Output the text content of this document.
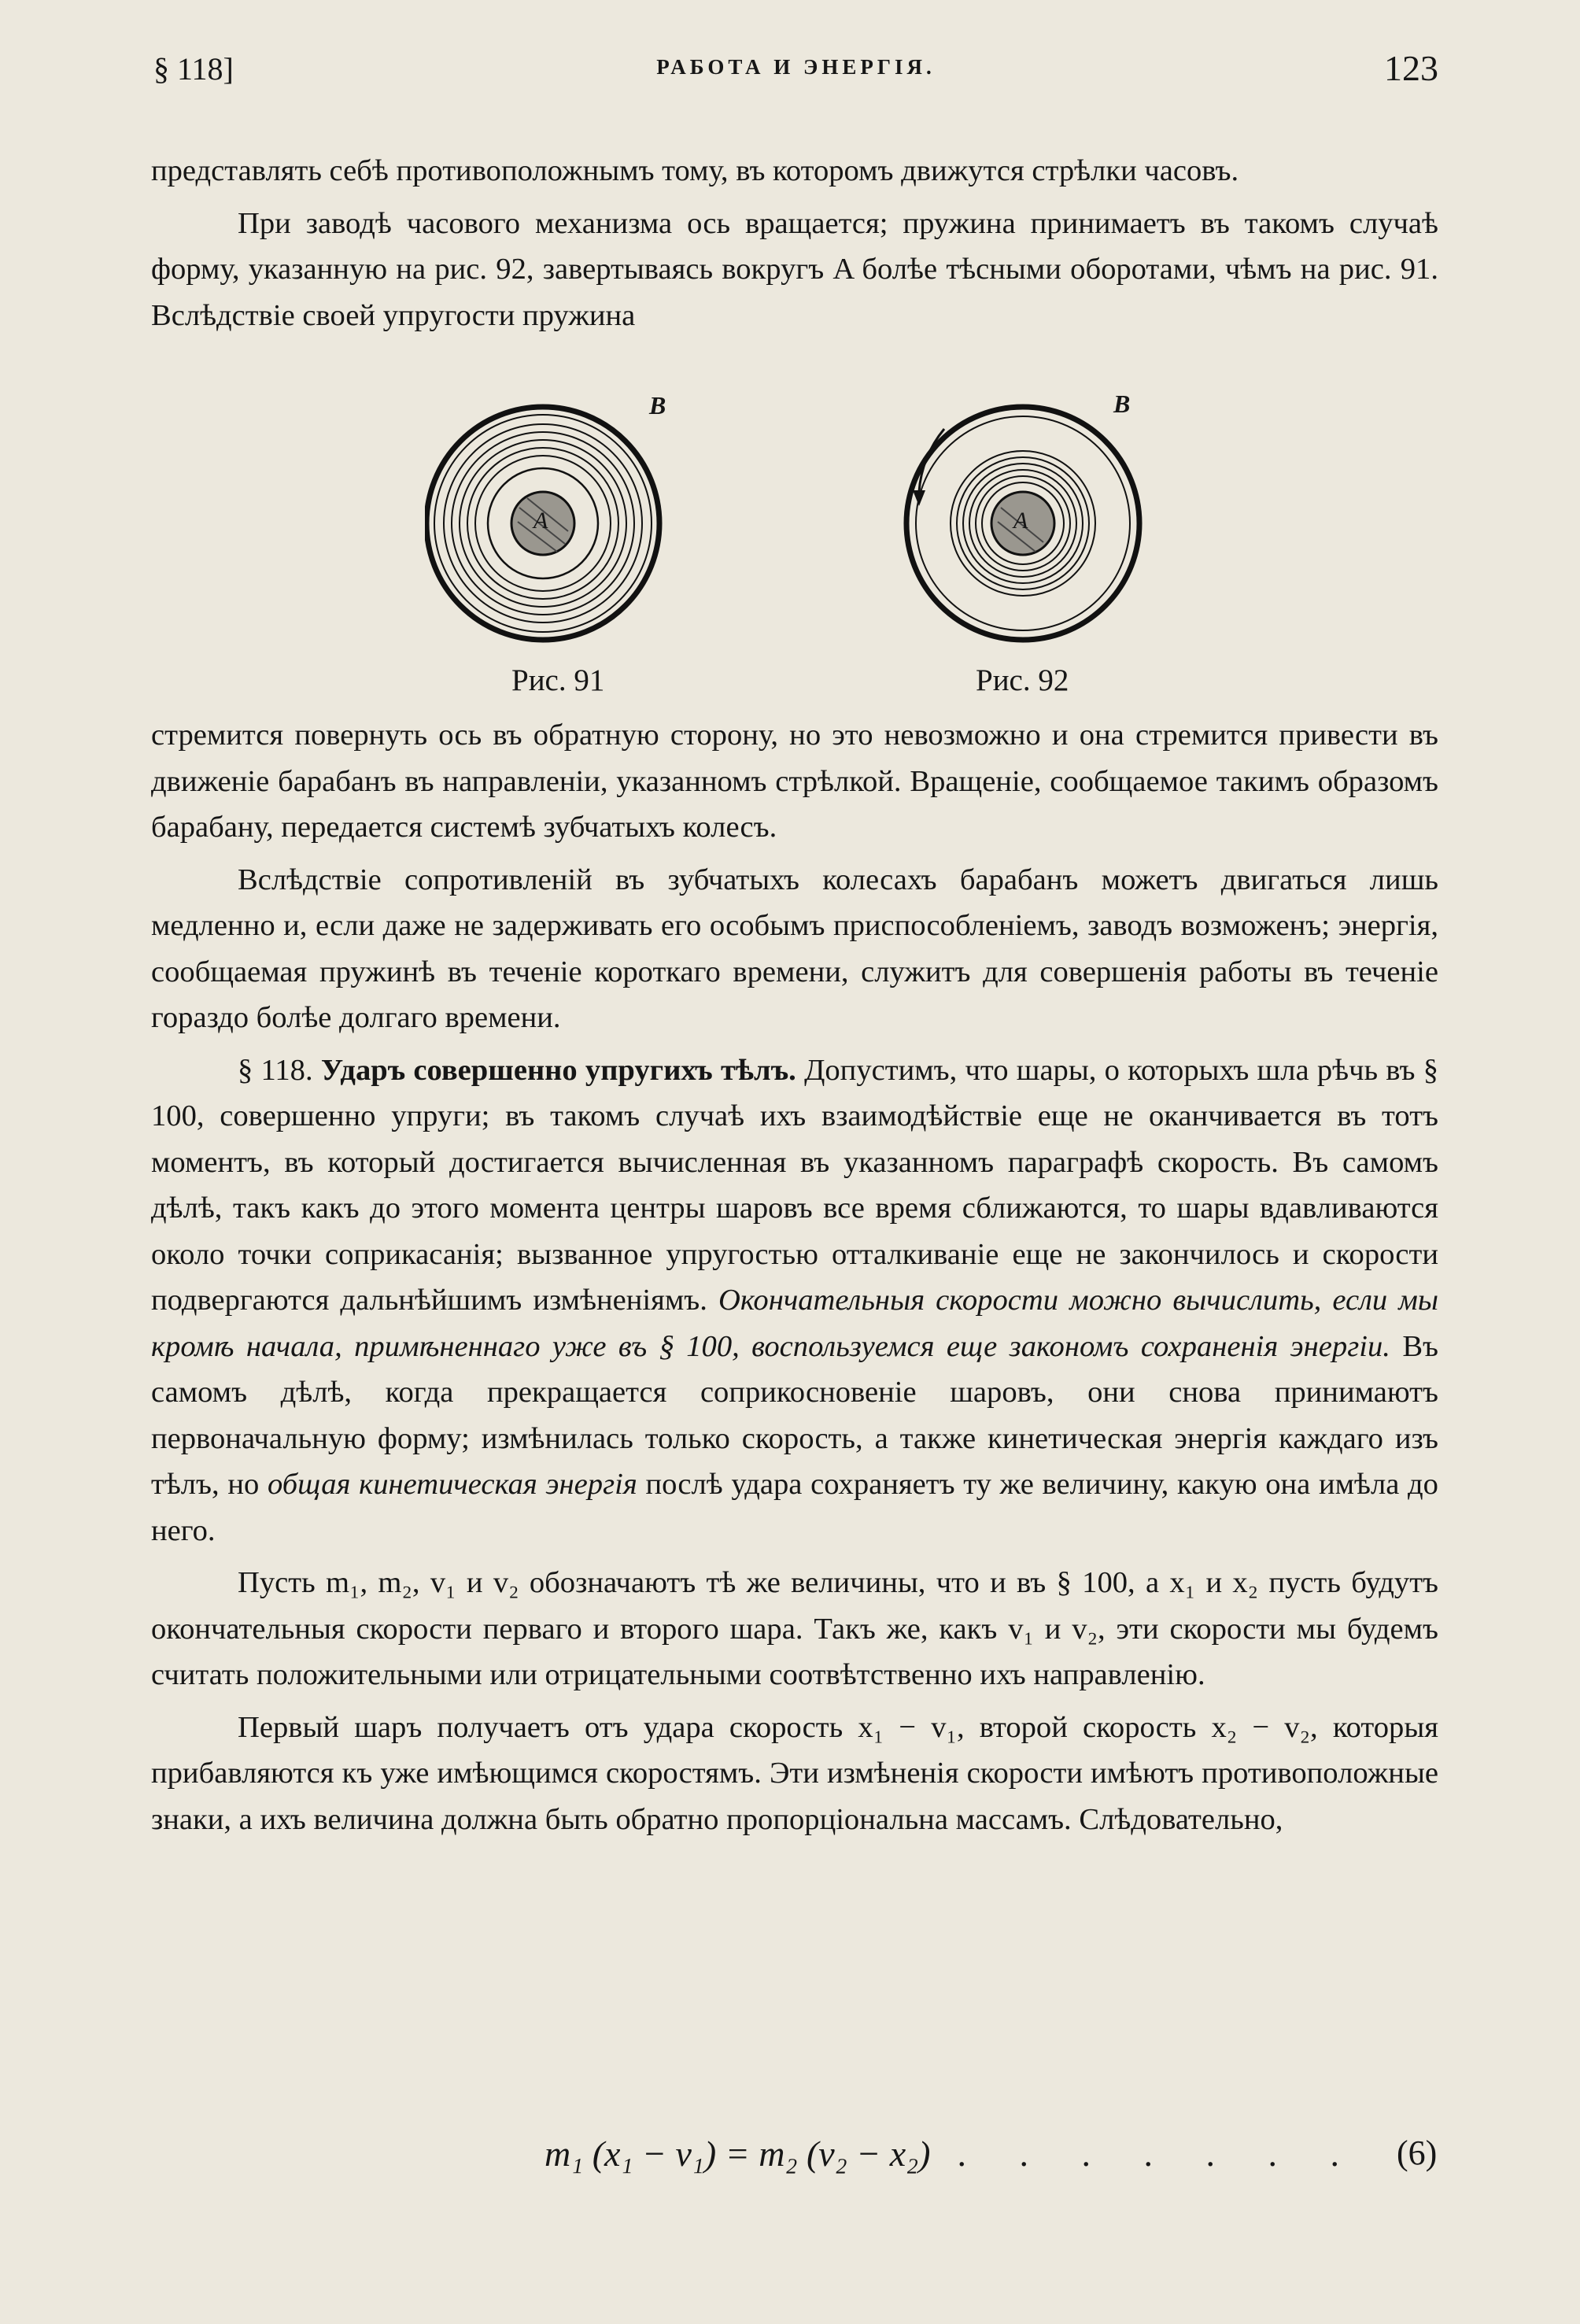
§ 118]	РАБОТА И ЭНЕРГІЯ.	123

представлять себѣ противоположнымъ тому, въ которомъ движутся стрѣлки часовъ.

При заводѣ часового механизма ось вращается; пружина принимаетъ въ такомъ случаѣ форму, указанную на рис. 92, завертываясь вокругъ A болѣе тѣсными оборотами, чѣмъ на рис. 91. Вслѣдствіе своей упругости пружина

B
A
Рис. 91
B
A
Рис. 92

стремится повернуть ось въ обратную сторону, но это невозможно и она стремится привести въ движеніе барабанъ въ направленіи, указанномъ стрѣлкой. Вращеніе, сообщаемое такимъ образомъ барабану, передается системѣ зубчатыхъ колесъ.

Вслѣдствіе сопротивленій въ зубчатыхъ колесахъ барабанъ можетъ двигаться лишь медленно и, если даже не задерживать его особымъ приспособленіемъ, заводъ возможенъ; энергія, сообщаемая пружинѣ въ теченіе короткаго времени, служитъ для совершенія работы въ теченіе гораздо болѣе долгаго времени.

§ 118. Ударъ совершенно упругихъ тѣлъ. Допустимъ, что шары, о которыхъ шла рѣчь въ § 100, совершенно упруги; въ такомъ случаѣ ихъ взаимодѣйствіе еще не оканчивается въ тотъ моментъ, въ который достигается вычисленная въ указанномъ параграфѣ скорость. Въ самомъ дѣлѣ, такъ какъ до этого момента центры шаровъ все время сближаются, то шары вдавливаются около точки соприкасанія; вызванное упругостью отталкиваніе еще не закончилось и скорости подвергаются дальнѣйшимъ измѣненіямъ. Окончательныя скорости можно вычислить, если мы кромѣ начала, примѣненнаго уже въ § 100, воспользуемся еще закономъ сохраненія энергіи. Въ самомъ дѣлѣ, когда прекращается соприкосновеніе шаровъ, они снова принимаютъ первоначальную форму; измѣнилась только скорость, а также кинетическая энергія каждаго изъ тѣлъ, но общая кинетическая энергія послѣ удара сохраняетъ ту же величину, какую она имѣла до него.

Пусть m₁, m₂, v₁ и v₂ обозначаютъ тѣ же величины, что и въ § 100, а x₁ и x₂ пусть будутъ окончательныя скорости перваго и второго шара. Такъ же, какъ v₁ и v₂, эти скорости мы будемъ считать положительными или отрицательными соотвѣтственно ихъ направленію.

Первый шаръ получаетъ отъ удара скорость x₁ − v₁, второй скорость x₂ − v₂, которыя прибавляются къ уже имѣющимся скоростямъ. Эти измѣненія скорости имѣютъ противоположные знаки, а ихъ величина должна быть обратно пропорціональна массамъ. Слѣдовательно,

m₁ (x₁ − v₁) = m₂ (v₂ − x₂) . . . . . . . (6)
